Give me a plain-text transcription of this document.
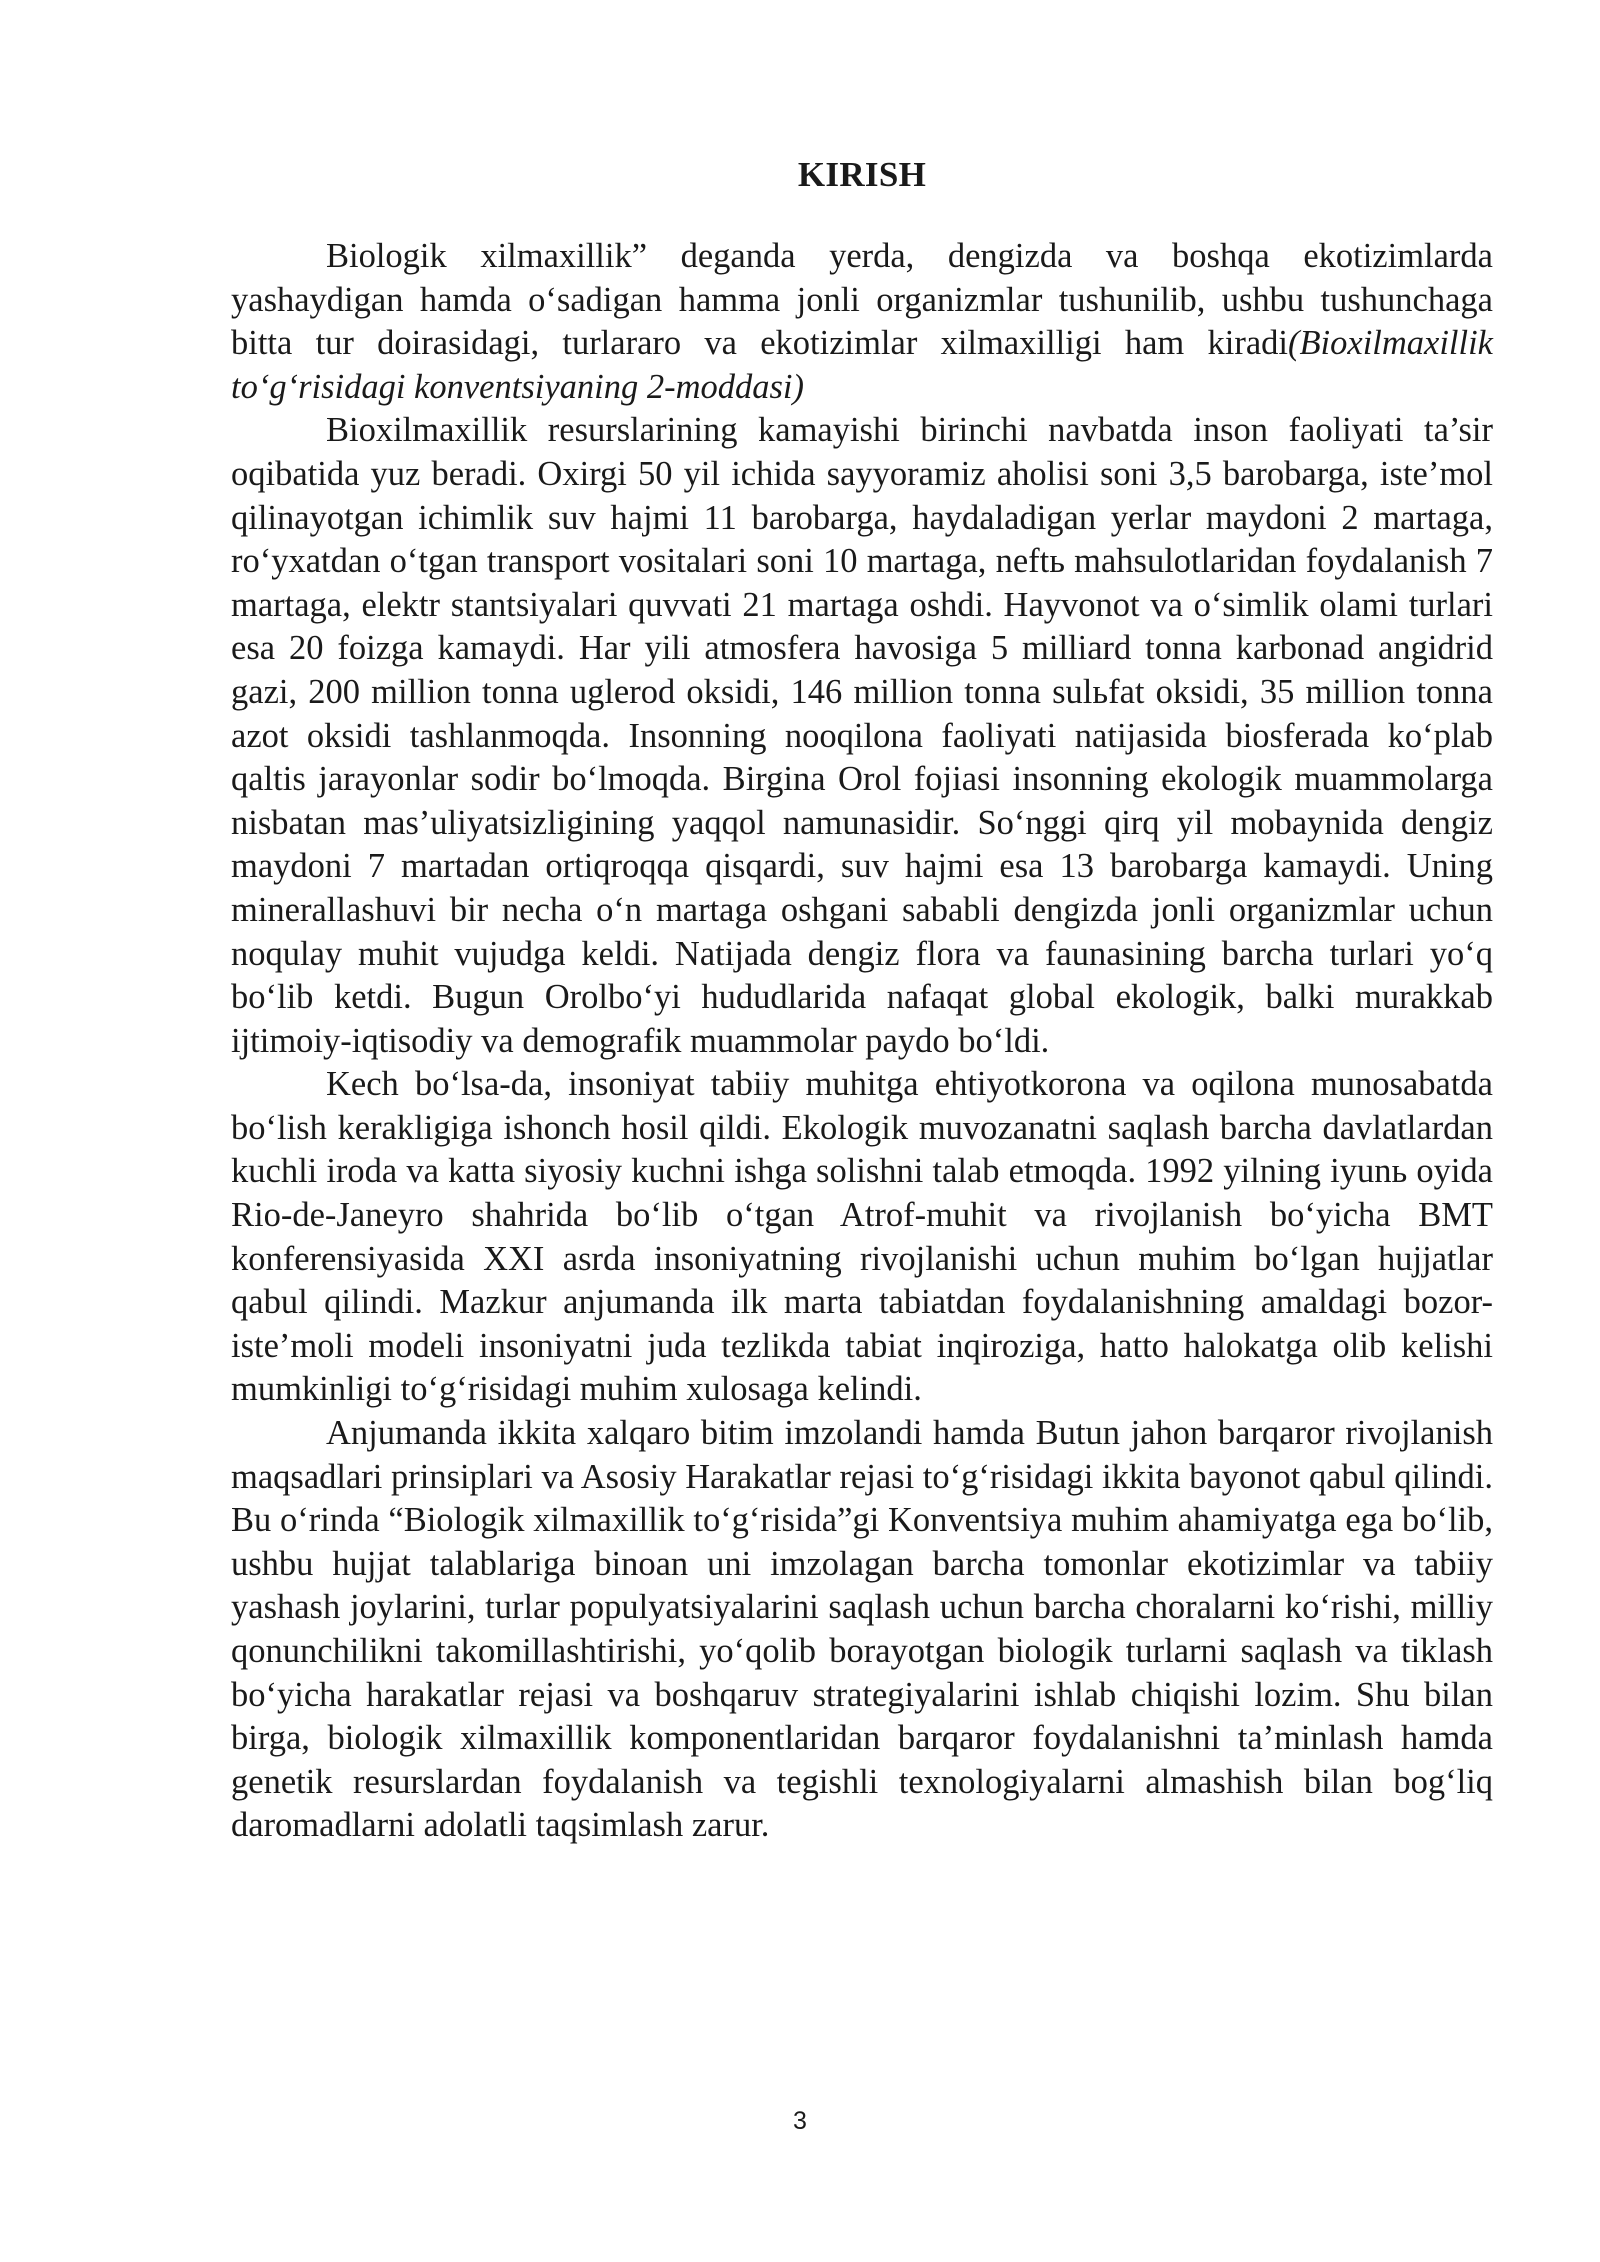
KIRISH

Biologik xilmaxillik” deganda yerda, dengizda va boshqa ekotizimlarda yashaydigan hamda o‘sadigan hamma jonli organizmlar tushunilib, ushbu tushunchaga bitta tur doirasidagi, turlararo va ekotizimlar xilmaxilligi ham kiradi(Bioxilmaxillik to‘g‘risidagi konventsiyaning 2-moddasi)

Bioxilmaxillik resurslarining kamayishi birinchi navbatda inson faoliyati ta’sir oqibatida yuz beradi. Oxirgi 50 yil ichida sayyoramiz aholisi soni 3,5 barobarga, iste’mol qilinayotgan ichimlik suv hajmi 11 barobarga, haydaladigan yerlar maydoni 2 martaga, ro‘yxatdan o‘tgan transport vositalari soni 10 martaga, neftь mahsulotlaridan foydalanish 7 martaga, elektr stantsiyalari quvvati 21 martaga oshdi. Hayvonot va o‘simlik olami turlari esa 20 foizga kamaydi. Har yili atmosfera havosiga 5 milliard tonna karbonad angidrid gazi, 200 million tonna uglerod oksidi, 146 million tonna sulьfat oksidi, 35 million tonna azot oksidi tashlanmoqda. Insonning nooqilona faoliyati natijasida biosferada ko‘plab qaltis jarayonlar sodir bo‘lmoqda. Birgina Orol fojiasi insonning ekologik muammolarga nisbatan mas’uliyatsizligining yaqqol namunasidir. So‘nggi qirq yil mobaynida dengiz maydoni 7 martadan ortiqroqqa qisqardi, suv hajmi esa 13 barobarga kamaydi. Uning minerallashuvi bir necha o‘n martaga oshgani sababli dengizda jonli organizmlar uchun noqulay muhit vujudga keldi. Natijada dengiz flora va faunasining barcha turlari yo‘q bo‘lib ketdi. Bugun Orolbo‘yi hududlarida nafaqat global ekologik, balki murakkab ijtimoiy-iqtisodiy va demografik muammolar paydo bo‘ldi.

Kech bo‘lsa-da, insoniyat tabiiy muhitga ehtiyotkorona va oqilona munosabatda bo‘lish kerakligiga ishonch hosil qildi. Ekologik muvozanatni saqlash barcha davlatlardan kuchli iroda va katta siyosiy kuchni ishga solishni talab etmoqda. 1992 yilning iyunь oyida Rio-de-Janeyro shahrida bo‘lib o‘tgan Atrof-muhit va rivojlanish bo‘yicha BMT konferensiyasida XXI asrda insoniyatning rivojlanishi uchun muhim bo‘lgan hujjatlar qabul qilindi. Mazkur anjumanda ilk marta tabiatdan foydalanishning amaldagi bozor-iste’moli modeli insoniyatni juda tezlikda tabiat inqiroziga, hatto halokatga olib kelishi mumkinligi to‘g‘risidagi muhim xulosaga kelindi.

Anjumanda ikkita xalqaro bitim imzolandi hamda Butun jahon barqaror rivojlanish maqsadlari prinsiplari va Asosiy Harakatlar rejasi to‘g‘risidagi ikkita bayonot qabul qilindi. Bu o‘rinda “Biologik xilmaxillik to‘g‘risida”gi Konventsiya muhim ahamiyatga ega bo‘lib, ushbu hujjat talablariga binoan uni imzolagan barcha tomonlar ekotizimlar va tabiiy yashash joylarini, turlar populyatsiyalarini saqlash uchun barcha choralarni ko‘rishi, milliy qonunchilikni takomillashtirishi, yo‘qolib borayotgan biologik turlarni saqlash va tiklash bo‘yicha harakatlar rejasi va boshqaruv strategiyalarini ishlab chiqishi lozim. Shu bilan birga, biologik xilmaxillik komponentlaridan barqaror foydalanishni ta’minlash hamda genetik resurslardan foydalanish va tegishli texnologiyalarni almashish bilan bog‘liq daromadlarni adolatli taqsimlash zarur.

3
